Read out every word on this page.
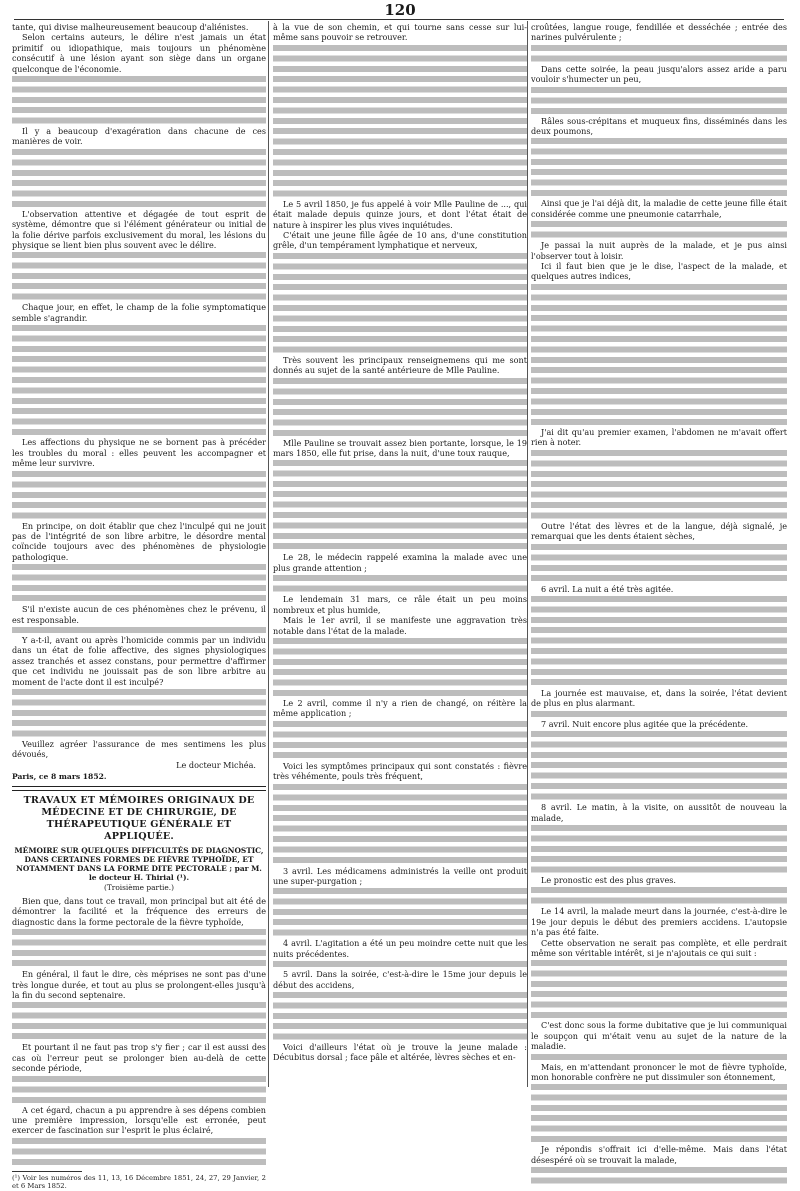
120

tante, qui divise malheureusement beaucoup d'aliénistes.

Selon certains auteurs, le délire n'est jamais un état primitif ou idiopathique, mais toujours un phénomène consécutif à une lésion ayant son siège dans un organe quelconque de l'économie.

Il y a beaucoup d'exagération dans chacune de ces manières de voir.

L'observation attentive et dégagée de tout esprit de système, démontre que si l'élément générateur ou initial de la folie dérive parfois exclusivement du moral, les lésions du physique se lient bien plus souvent avec le délire.

Chaque jour, en effet, le champ de la folie symptomatique semble s'agrandir.

Les affections du physique ne se bornent pas à précéder les troubles du moral : elles peuvent les accompagner et même leur survivre.

En principe, on doit établir que chez l'inculpé qui ne jouit pas de l'intégrité de son libre arbitre, le désordre mental coïncide toujours avec des phénomènes de physiologie pathologique.

S'il n'existe aucun de ces phénomènes chez le prévenu, il est responsable.

Y a-t-il, avant ou après l'homicide commis par un individu dans un état de folie affective, des signes physiologiques assez tranchés et assez constans, pour permettre d'affirmer que cet individu ne jouissait pas de son libre arbitre au moment de l'acte dont il est inculpé?

Veuillez agréer l'assurance de mes sentimens les plus dévoués,

Le docteur Michéa.
Paris, ce 8 mars 1852.
TRAVAUX ET MÉMOIRES ORIGINAUX DE MÉDECINE ET DE CHIRURGIE, DE THÉRAPEUTIQUE GÉNÉRALE ET APPLIQUÉE.
MÉMOIRE SUR QUELQUES DIFFICULTÉS DE DIAGNOSTIC, DANS CERTAINES FORMES DE FIÈVRE TYPHOÏDE, ET NOTAMMENT DANS LA FORME DITE PECTORALE ; par M. le docteur H. Thirial (¹).
(Troisième partie.)

Bien que, dans tout ce travail, mon principal but ait été de démontrer la facilité et la fréquence des erreurs de diagnostic dans la forme pectorale de la fièvre typhoïde,

En général, il faut le dire, cès méprises ne sont pas d'une très longue durée, et tout au plus se prolongent-elles jusqu'à la fin du second septenaire.

Et pourtant il ne faut pas trop s'y fier ; car il est aussi des cas où l'erreur peut se prolonger bien au-delà de cette seconde période,

A cet égard, chacun a pu apprendre à ses dépens combien une première impression, lorsqu'elle est erronée, peut exercer de fascination sur l'esprit le plus éclairé,

(¹) Voir les numéros des 11, 13, 16 Décembre 1851, 24, 27, 29 Janvier, 2 et 6 Mars 1852.

à la vue de son chemin, et qui tourne sans cesse sur lui-même sans pouvoir se retrouver.

Le 5 avril 1850, je fus appelé à voir Mlle Pauline de ..., qui était malade depuis quinze jours, et dont l'état était de nature à inspirer les plus vives inquiétudes.

C'était une jeune fille âgée de 10 ans, d'une constitution grêle, d'un tempérament lymphatique et nerveux,

Très souvent les principaux renseignemens qui me sont donnés au sujet de la santé antérieure de Mlle Pauline.

Mlle Pauline se trouvait assez bien portante, lorsque, le 19 mars 1850, elle fut prise, dans la nuit, d'une toux rauque,

Le 28, le médecin rappelé examina la malade avec une plus grande attention ;

Le lendemain 31 mars, ce râle était un peu moins nombreux et plus humide,

Mais le 1er avril, il se manifeste une aggravation très notable dans l'état de la malade.

Le 2 avril, comme il n'y a rien de changé, on réitère la même application ;

Voici les symptômes principaux qui sont constatés : fièvre très véhémente, pouls très fréquent,

3 avril. Les médicamens administrés la veille ont produit une super-purgation ;

4 avril. L'agitation a été un peu moindre cette nuit que les nuits précédentes.

5 avril. Dans la soirée, c'est-à-dire le 15me jour depuis le début des accidens,

Voici d'ailleurs l'état où je trouve la jeune malade : Décubitus dorsal ; face pâle et altérée, lèvres sèches et en-

croûtées, langue rouge, fendillée et desséchée ; entrée des narines pulvérulente ;

Dans cette soirée, la peau jusqu'alors assez aride a paru vouloir s'humecter un peu,

Râles sous-crépitans et muqueux fins, disséminés dans les deux poumons,

Ainsi que je l'ai déjà dit, la maladie de cette jeune fille était considérée comme une pneumonie catarrhale,

Je passai la nuit auprès de la malade, et je pus ainsi l'observer tout à loisir.

Ici il faut bien que je le dise, l'aspect de la malade, et quelques autres indices,

J'ai dit qu'au premier examen, l'abdomen ne m'avait offert rien à noter.

Outre l'état des lèvres et de la langue, déjà signalé, je remarquai que les dents étaient sèches,

6 avril. La nuit a été très agitée.

La journée est mauvaise, et, dans la soirée, l'état devient de plus en plus alarmant.

7 avril. Nuit encore plus agitée que la précédente.

8 avril. Le matin, à la visite, on aussitôt de nouveau la malade,

Le pronostic est des plus graves.

Le 14 avril, la malade meurt dans la journée, c'est-à-dire le 19e jour depuis le début des premiers accidens. L'autopsie n'a pas été faite.

Cette observation ne serait pas complète, et elle perdrait même son véritable intérêt, si je n'ajoutais ce qui suit :

C'est donc sous la forme dubitative que je lui communiquai le soupçon qui m'était venu au sujet de la nature de la maladie.

Mais, en m'attendant prononcer le mot de fièvre typhoïde, mon honorable confrère ne put dissimuler son étonnement,

Je répondis s'offrait ici d'elle-même. Mais dans l'état désespéré où se trouvait la malade,
